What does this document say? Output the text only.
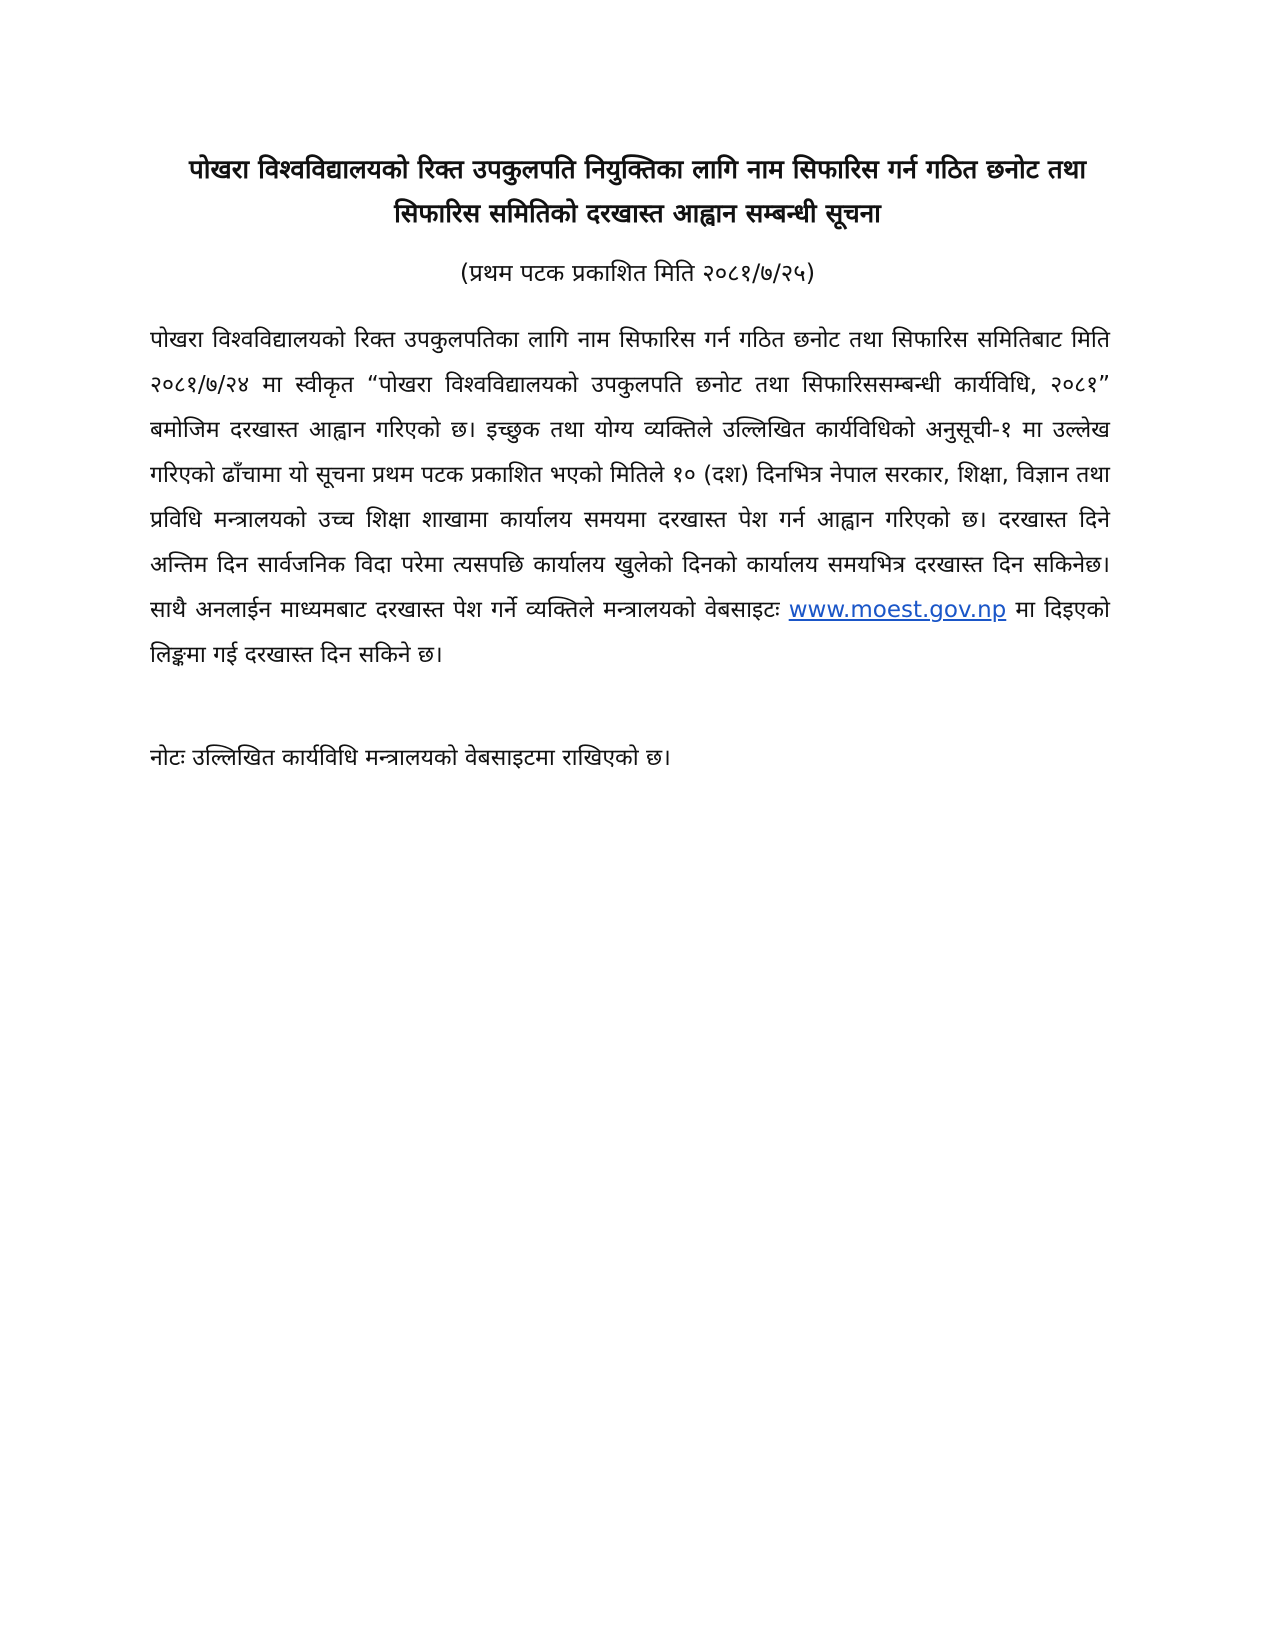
पोखरा विश्वविद्यालयको रिक्त उपकुलपति नियुक्तिका लागि नाम सिफारिस गर्न गठित छनोट तथा
सिफारिस समितिको दरखास्त आह्वान सम्बन्धी सूचना
(प्रथम पटक प्रकाशित मिति २०८१/७/२५)
पोखरा विश्वविद्यालयको रिक्त उपकुलपतिका लागि नाम सिफारिस गर्न गठित छनोट तथा सिफारिस समितिबाट मिति २०८१/७/२४ मा स्वीकृत “पोखरा विश्वविद्यालयको उपकुलपति छनोट तथा सिफारिससम्बन्धी कार्यविधि, २०८१” बमोजिम दरखास्त आह्वान गरिएको छ। इच्छुक तथा योग्य व्यक्तिले उल्लिखित कार्यविधिको अनुसूची-१ मा उल्लेख गरिएको ढाँचामा यो सूचना प्रथम पटक प्रकाशित भएको मितिले १० (दश) दिनभित्र नेपाल सरकार, शिक्षा, विज्ञान तथा प्रविधि मन्त्रालयको उच्च शिक्षा शाखामा कार्यालय समयमा दरखास्त पेश गर्न आह्वान गरिएको छ। दरखास्त दिने अन्तिम दिन सार्वजनिक विदा परेमा त्यसपछि कार्यालय खुलेको दिनको कार्यालय समयभित्र दरखास्त दिन सकिनेछ। साथै अनलाईन माध्यमबाट दरखास्त पेश गर्ने व्यक्तिले मन्त्रालयको वेबसाइटः www.moest.gov.np मा दिइएको लिङ्कमा गई दरखास्त दिन सकिने छ।
नोटः उल्लिखित कार्यविधि मन्त्रालयको वेबसाइटमा राखिएको छ।
